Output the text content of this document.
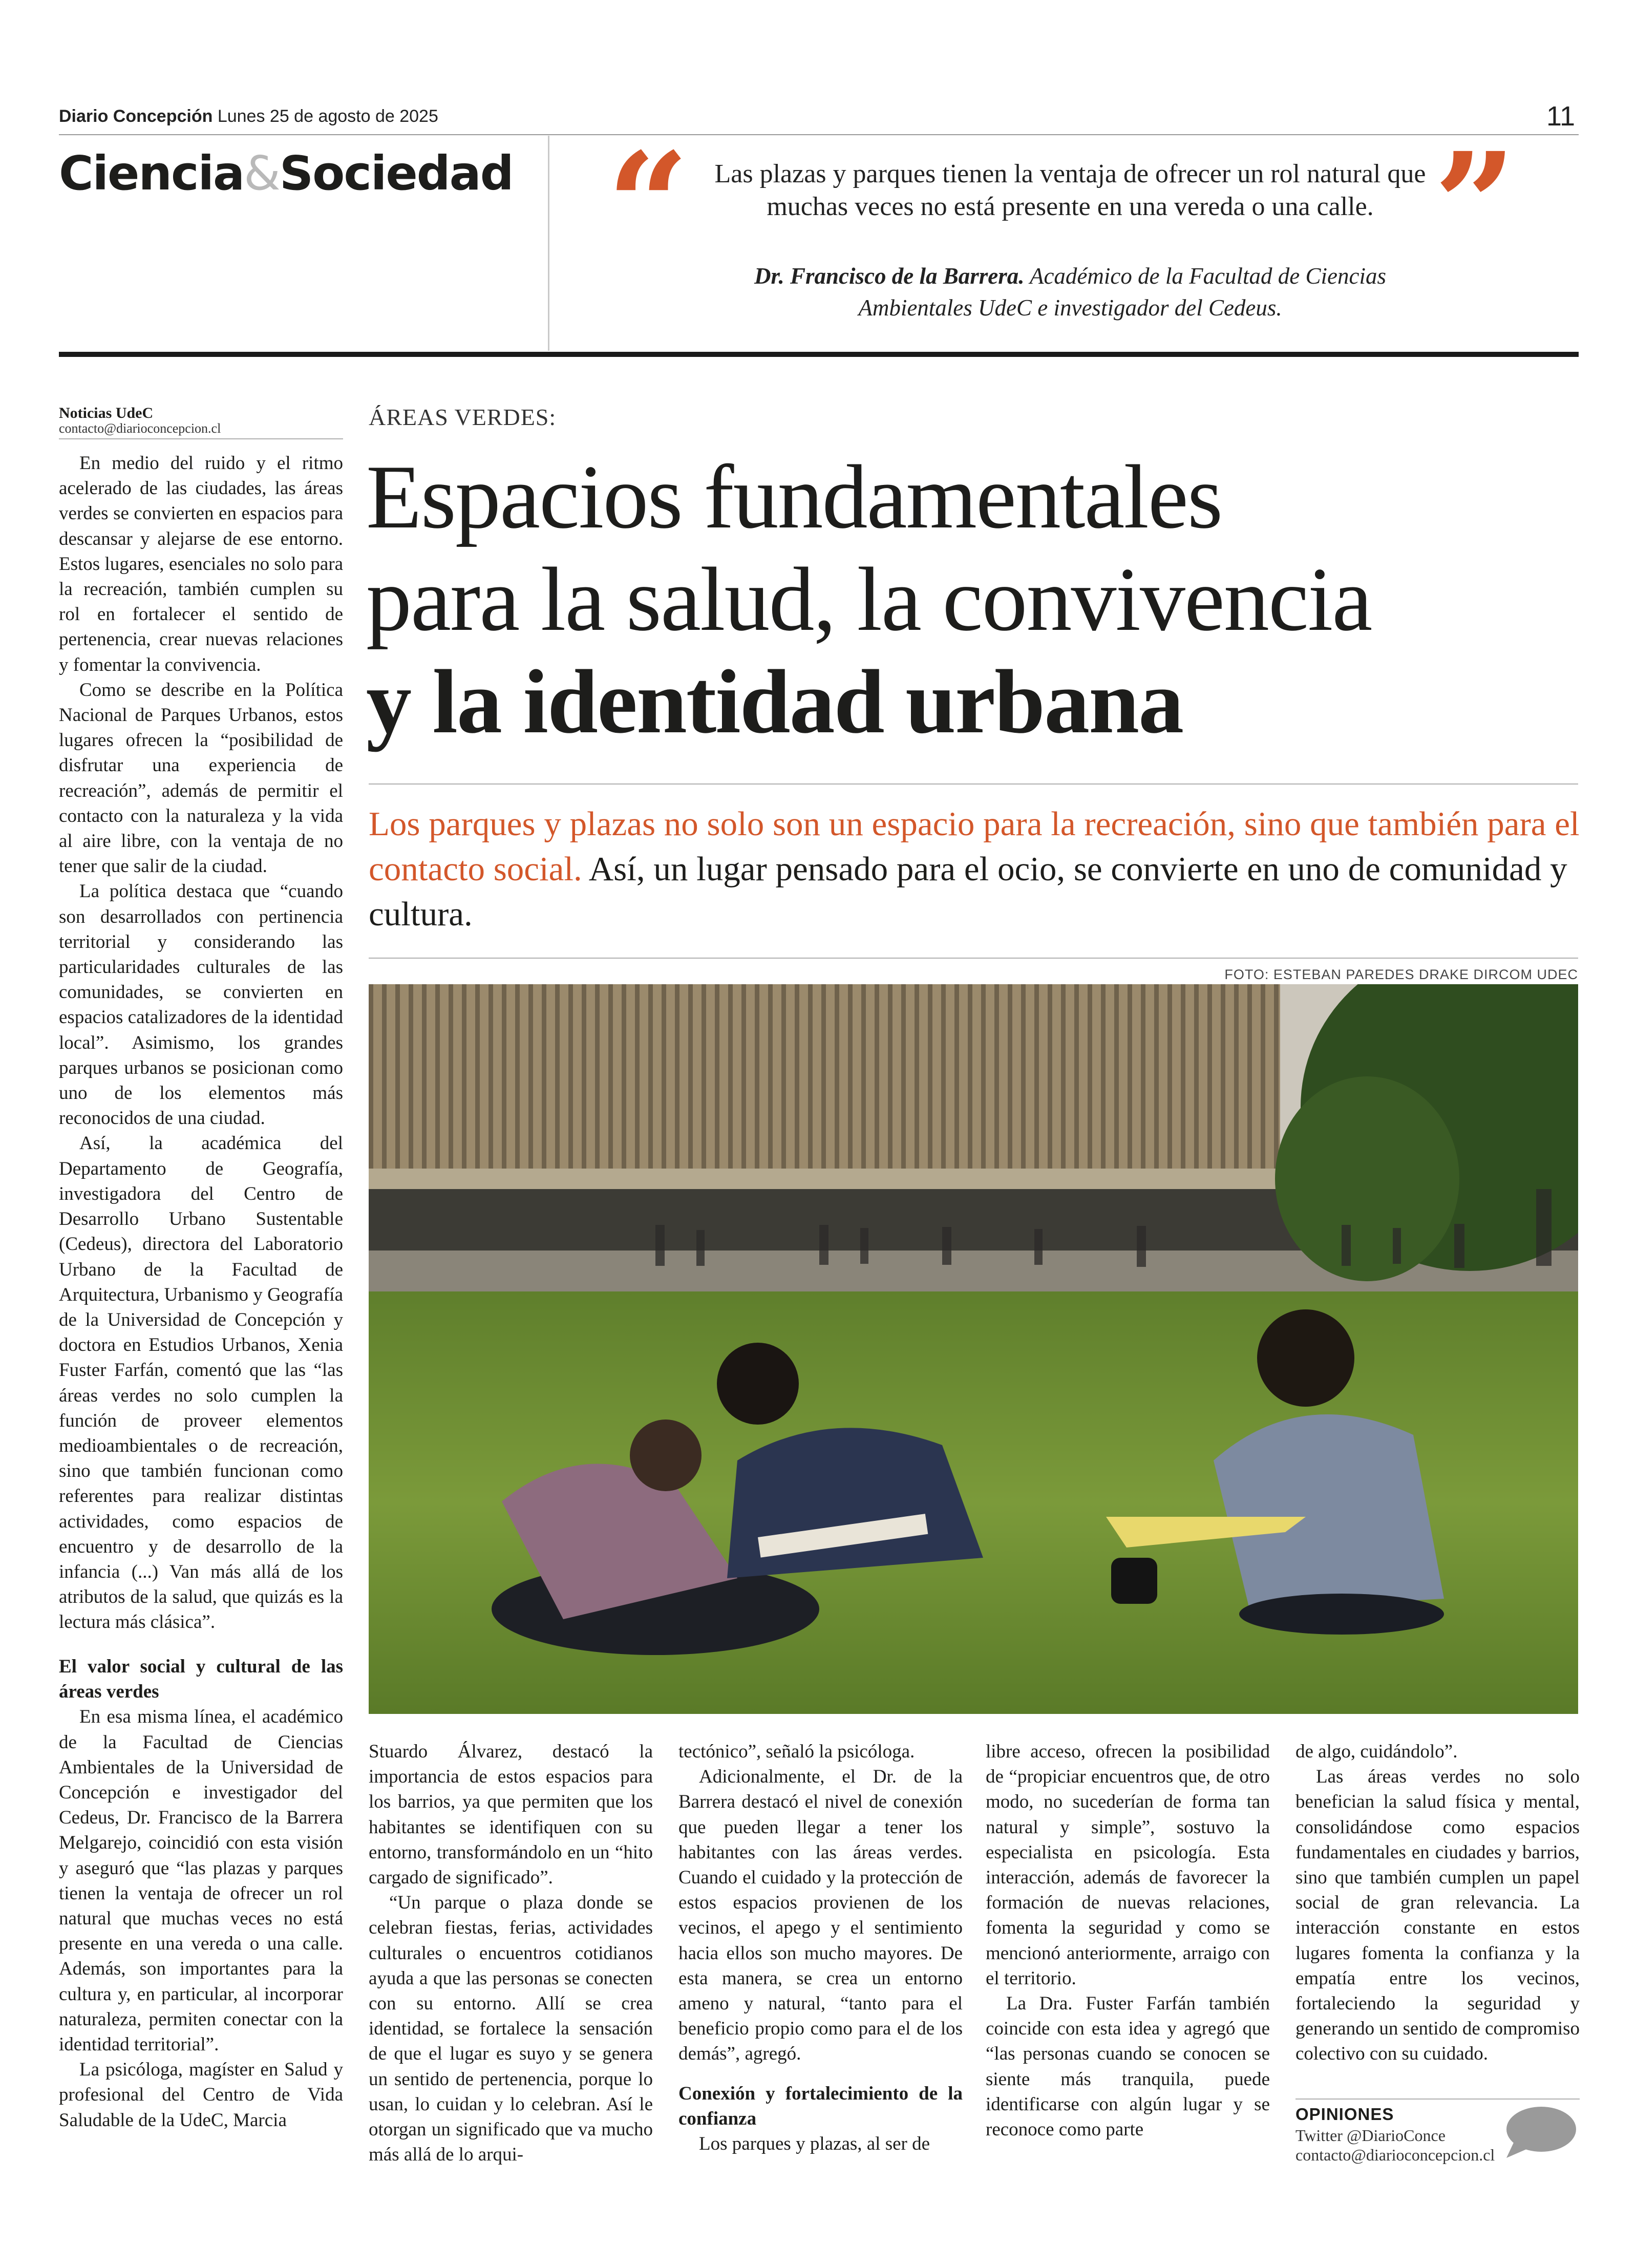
Diario Concepción Lunes 25 de agosto de 2025	11
Ciencia&Sociedad “	”
Las plazas y parques tienen la ventaja de ofrecer un rol natural que muchas veces no está presente en una vereda o una calle.
Dr. Francisco de la Barrera. Académico de la Facultad de Ciencias Ambientales UdeC e investigador del Cedeus.
Noticias UdeC
contacto@diarioconcepcion.cl

En medio del ruido y el ritmo acelerado de las ciudades, las áreas verdes se convierten en espacios para descansar y alejarse de ese entorno. Estos lugares, esenciales no solo para la recreación, también cumplen su rol en fortalecer el sentido de pertenencia, crear nuevas relaciones y fomentar la convivencia.

Como se describe en la Política Nacional de Parques Urbanos, estos lugares ofrecen la “posibilidad de disfrutar una experiencia de recreación”, además de permitir el contacto con la naturaleza y la vida al aire libre, con la ventaja de no tener que salir de la ciudad.

La política destaca que “cuando son desarrollados con pertinencia territorial y considerando las particularidades culturales de las comunidades, se convierten en espacios catalizadores de la identidad local”. Asimismo, los grandes parques urbanos se posicionan como uno de los elementos más reconocidos de una ciudad.

Así, la académica del Departamento de Geografía, investigadora del Centro de Desarrollo Urbano Sustentable (Cedeus), directora del Laboratorio Urbano de la Facultad de Arquitectura, Urbanismo y Geografía de la Universidad de Concepción y doctora en Estudios Urbanos, Xenia Fuster Farfán, comentó que las “las áreas verdes no solo cumplen la función de proveer elementos medioambientales o de recreación, sino que también funcionan como referentes para realizar distintas actividades, como espacios de encuentro y de desarrollo de la infancia (...) Van más allá de los atributos de la salud, que quizás es la lectura más clásica”.

El valor social y cultural de las áreas verdes

En esa misma línea, el académico de la Facultad de Ciencias Ambientales de la Universidad de Concepción e investigador del Cedeus, Dr. Francisco de la Barrera Melgarejo, coincidió con esta visión y aseguró que “las plazas y parques tienen la ventaja de ofrecer un rol natural que muchas veces no está presente en una vereda o una calle. Además, son importantes para la cultura y, en particular, al incorporar naturaleza, permiten conectar con la identidad territorial”.

La psicóloga, magíster en Salud y profesional del Centro de Vida Saludable de la UdeC, Marcia

ÁREAS VERDES:
Espacios fundamentales
para la salud, la convivencia
y la identidad urbana
Los parques y plazas no solo son un espacio para la recreación, sino que también para el contacto social. Así, un lugar pensado para el ocio, se convierte en uno de comunidad y cultura.
FOTO: ESTEBAN PAREDES DRAKE DIRCOM UDEC

Stuardo Álvarez, destacó la importancia de estos espacios para los barrios, ya que permiten que los habitantes se identifiquen con su entorno, transformándolo en un “hito cargado de significado”.

“Un parque o plaza donde se celebran fiestas, ferias, actividades culturales o encuentros cotidianos ayuda a que las personas se conecten con su entorno. Allí se crea identidad, se fortalece la sensación de que el lugar es suyo y se genera un sentido de pertenencia, porque lo usan, lo cuidan y lo celebran. Así le otorgan un significado que va mucho más allá de lo arqui-

tectónico”, señaló la psicóloga.

Adicionalmente, el Dr. de la Barrera destacó el nivel de conexión que pueden llegar a tener los habitantes con las áreas verdes. Cuando el cuidado y la protección de estos espacios provienen de los vecinos, el apego y el sentimiento hacia ellos son mucho mayores. De esta manera, se crea un entorno ameno y natural, “tanto para el beneficio propio como para el de los demás”, agregó.

Conexión y fortalecimiento de la confianza

Los parques y plazas, al ser de

libre acceso, ofrecen la posibilidad de “propiciar encuentros que, de otro modo, no sucederían de forma tan natural y simple”, sostuvo la especialista en psicología. Esta interacción, además de favorecer la formación de nuevas relaciones, fomenta la seguridad y como se mencionó anteriormente, arraigo con el territorio.

La Dra. Fuster Farfán también coincide con esta idea y agregó que “las personas cuando se conocen se siente más tranquila, puede identificarse con algún lugar y se reconoce como parte

de algo, cuidándolo”.

Las áreas verdes no solo benefician la salud física y mental, consolidándose como espacios fundamentales en ciudades y barrios, sino que también cumplen un papel social de gran relevancia. La interacción constante en estos lugares fomenta la confianza y la empatía entre los vecinos, fortaleciendo la seguridad y generando un sentido de compromiso colectivo con su cuidado.

OPINIONES
Twitter @DiarioConce
contacto@diarioconcepcion.cl
